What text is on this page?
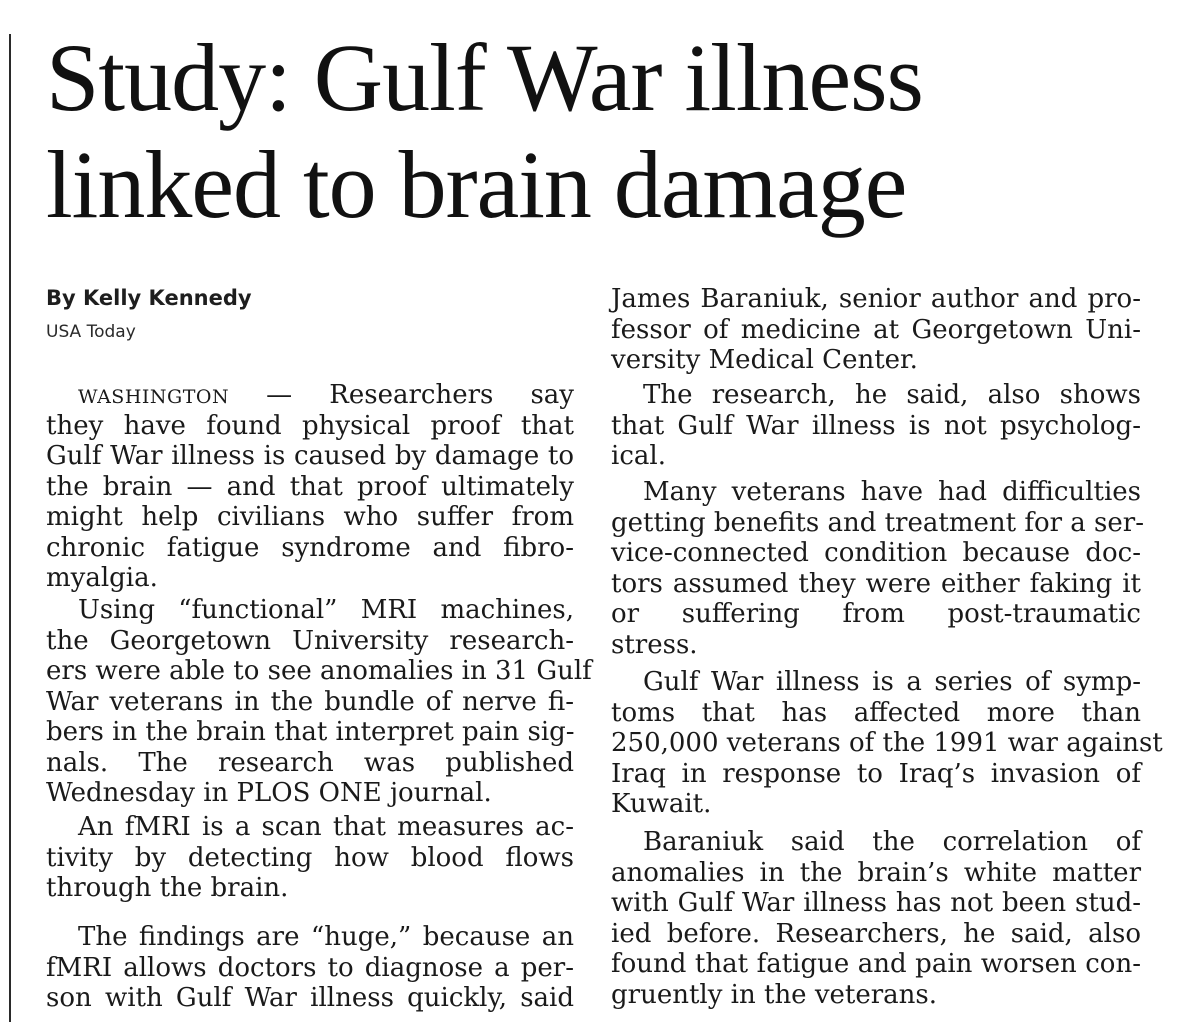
Study: Gulf War illness
linked to brain damage
By Kelly Kennedy
USA Today
WASHINGTON — Researchers say
they have found physical proof that
Gulf War illness is caused by damage to
the brain — and that proof ultimately
might help civilians who suffer from
chronic fatigue syndrome and fibro-
myalgia.
Using “functional” MRI machines,
the Georgetown University research-
ers were able to see anomalies in 31 Gulf
War veterans in the bundle of nerve fi-
bers in the brain that interpret pain sig-
nals. The research was published
Wednesday in PLOS ONE journal.
An fMRI is a scan that measures ac-
tivity by detecting how blood flows
through the brain.
The findings are “huge,” because an
fMRI allows doctors to diagnose a per-
son with Gulf War illness quickly, said
James Baraniuk, senior author and pro-
fessor of medicine at Georgetown Uni-
versity Medical Center.
The research, he said, also shows
that Gulf War illness is not psycholog-
ical.
Many veterans have had difficulties
getting benefits and treatment for a ser-
vice-connected condition because doc-
tors assumed they were either faking it
or suffering from post-traumatic
stress.
Gulf War illness is a series of symp-
toms that has affected more than
250,000 veterans of the 1991 war against
Iraq in response to Iraq’s invasion of
Kuwait.
Baraniuk said the correlation of
anomalies in the brain’s white matter
with Gulf War illness has not been stud-
ied before. Researchers, he said, also
found that fatigue and pain worsen con-
gruently in the veterans.
